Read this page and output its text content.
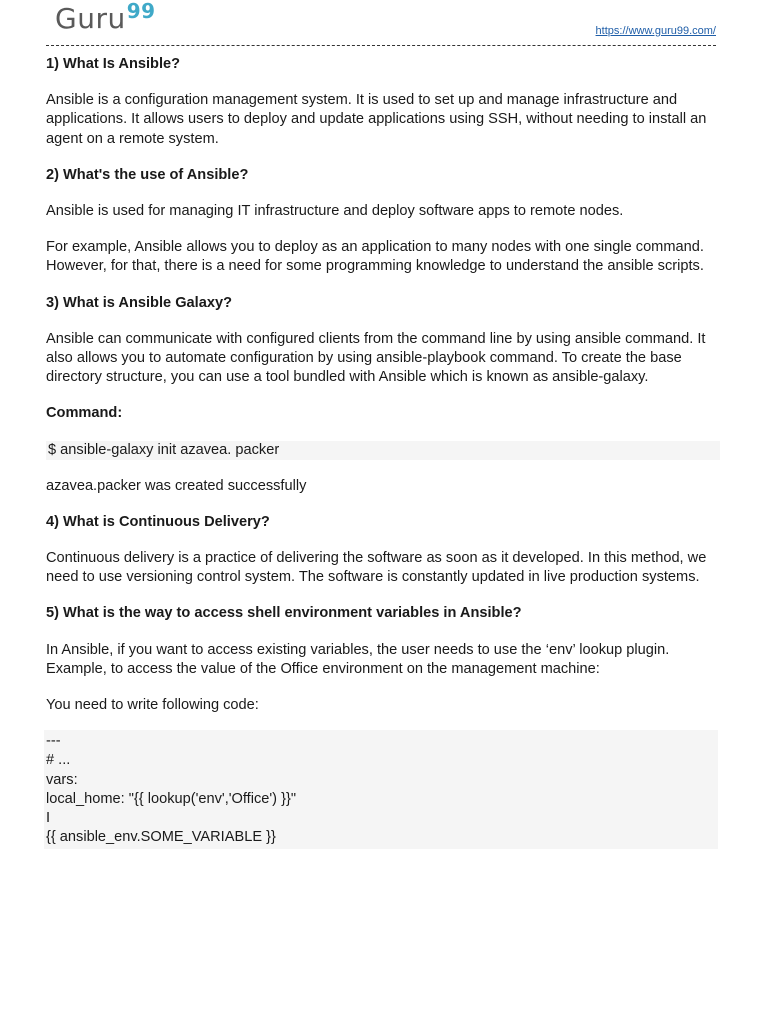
Guru$^{99}$
https://www.guru99.com/

1) What Is Ansible?

Ansible is a configuration management system. It is used to set up and manage infrastructure and applications. It allows users to deploy and update applications using SSH, without needing to install an agent on a remote system.

2) What's the use of Ansible?

Ansible is used for managing IT infrastructure and deploy software apps to remote nodes.

For example, Ansible allows you to deploy as an application to many nodes with one single command. However, for that, there is a need for some programming knowledge to understand the ansible scripts.

3) What is Ansible Galaxy?

Ansible can communicate with configured clients from the command line by using ansible command. It also allows you to automate configuration by using ansible-playbook command. To create the base directory structure, you can use a tool bundled with Ansible which is known as ansible-galaxy.

Command:

$ ansible-galaxy init azavea. packer

azavea.packer was created successfully

4) What is Continuous Delivery?

Continuous delivery is a practice of delivering the software as soon as it developed. In this method, we need to use versioning control system. The software is constantly updated in live production systems.

5) What is the way to access shell environment variables in Ansible?

In Ansible, if you want to access existing variables, the user needs to use the ‘env’ lookup plugin. Example, to access the value of the Office environment on the management machine:

You need to write following code:

---
# ...
vars:
local_home: "{{ lookup('env','Office') }}"
I
{{ ansible_env.SOME_VARIABLE }}
